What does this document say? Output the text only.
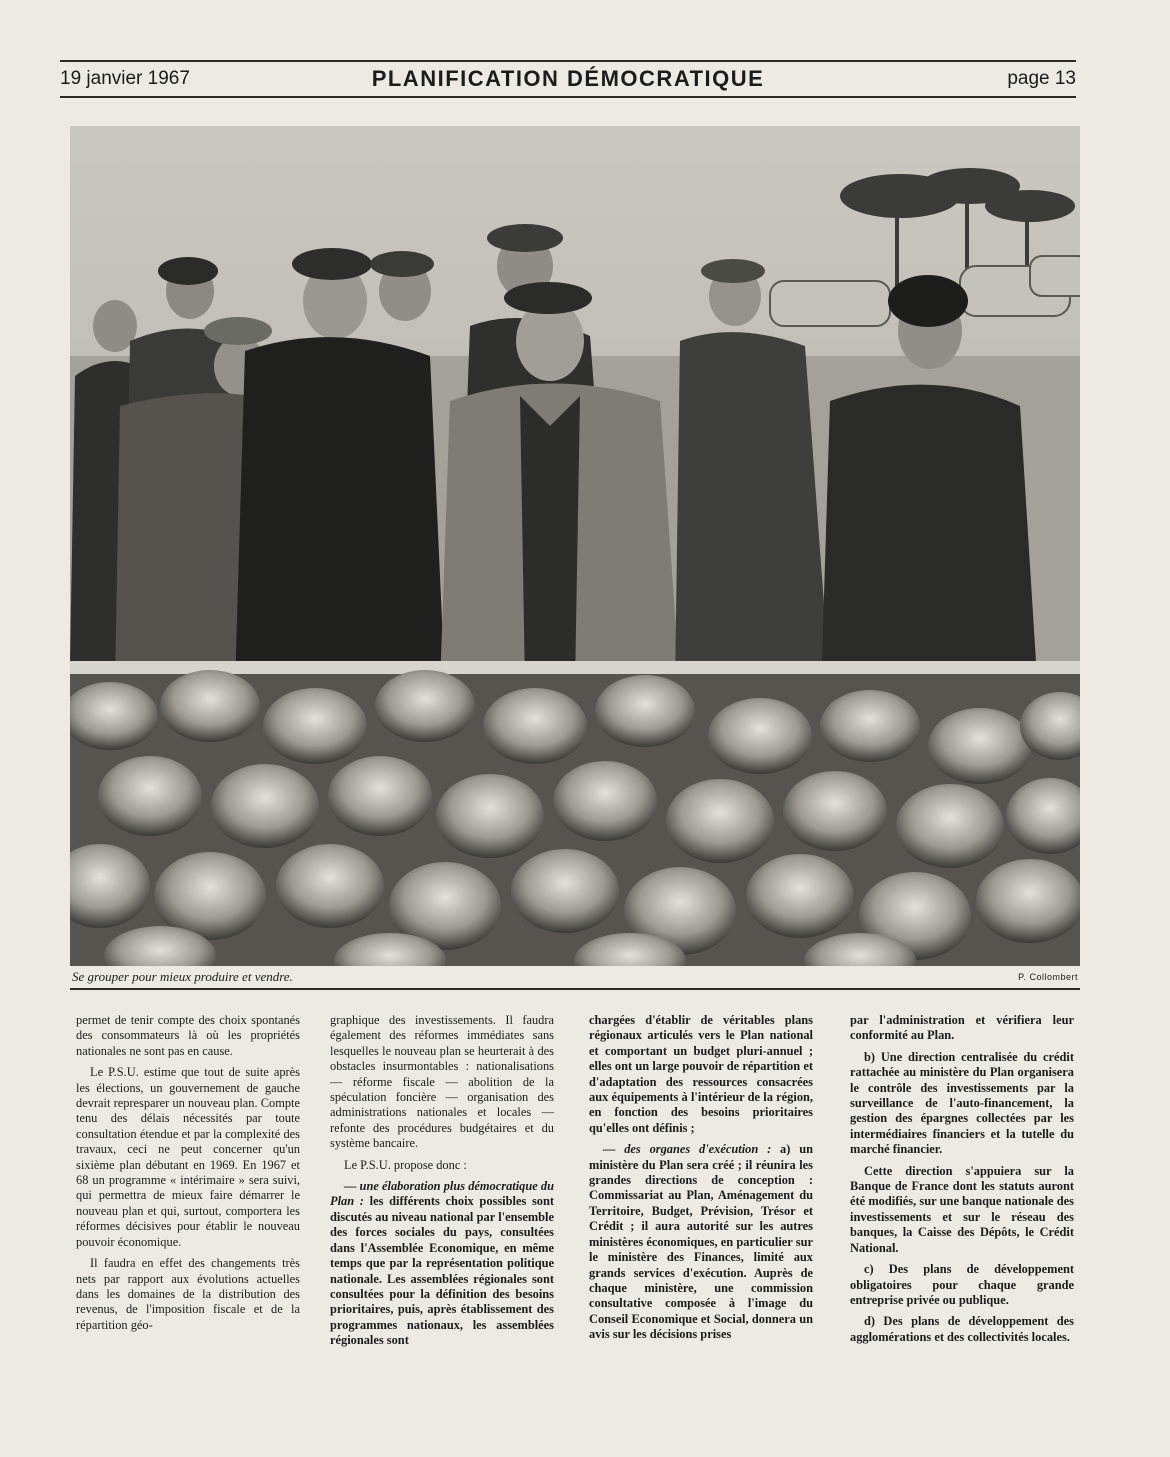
19 janvier 1967	PLANIFICATION DÉMOCRATIQUE	page 13
Se grouper pour mieux produire et vendre.	P. Collombert

permet de tenir compte des choix spontanés des consommateurs là où les propriétés nationales ne sont pas en cause.

Le P.S.U. estime que tout de suite après les élections, un gouvernement de gauche devrait represparer un nouveau plan. Compte tenu des délais nécessités par toute consultation étendue et par la complexité des travaux, ceci ne peut concerner qu'un sixième plan débutant en 1969. En 1967 et 68 un programme « intérimaire » sera suivi, qui permettra de mieux faire démarrer le nouveau plan et qui, surtout, comportera les réformes décisives pour établir le nouveau pouvoir économique.

Il faudra en effet des changements très nets par rapport aux évolutions actuelles dans les domaines de la distribution des revenus, de l'imposition fiscale et de la répartition géo-

graphique des investissements. Il faudra également des réformes immédiates sans lesquelles le nouveau plan se heurterait à des obstacles insurmontables : nationalisations — réforme fiscale — abolition de la spéculation foncière — organisation des administrations nationales et locales — refonte des procédures budgétaires et du système bancaire.

Le P.S.U. propose donc :

— une élaboration plus démocratique du Plan : les différents choix possibles sont discutés au niveau national par l'ensemble des forces sociales du pays, consultées dans l'Assemblée Economique, en même temps que par la représentation politique nationale. Les assemblées régionales sont consultées pour la définition des besoins prioritaires, puis, après établissement des programmes nationaux, les assemblées régionales sont

chargées d'établir de véritables plans régionaux articulés vers le Plan national et comportant un budget pluri-annuel ; elles ont un large pouvoir de répartition et d'adaptation des ressources consacrées aux équipements à l'intérieur de la région, en fonction des besoins prioritaires qu'elles ont définis ;

— des organes d'exécution : a) un ministère du Plan sera créé ; il réunira les grandes directions de conception : Commissariat au Plan, Aménagement du Territoire, Budget, Prévision, Trésor et Crédit ; il aura autorité sur les autres ministères économiques, en particulier sur le ministère des Finances, limité aux grands services d'exécution. Auprès de chaque ministère, une commission consultative composée à l'image du Conseil Economique et Social, donnera un avis sur les décisions prises

par l'administration et vérifiera leur conformité au Plan.

b) Une direction centralisée du crédit rattachée au ministère du Plan organisera le contrôle des investissements par la surveillance de l'auto-financement, la gestion des épargnes collectées par les intermédiaires financiers et la tutelle du marché financier.

Cette direction s'appuiera sur la Banque de France dont les statuts auront été modifiés, sur une banque nationale des investissements et sur le réseau des banques, la Caisse des Dépôts, le Crédit National.

c) Des plans de développement obligatoires pour chaque grande entreprise privée ou publique.

d) Des plans de développement des agglomérations et des collectivités locales.
